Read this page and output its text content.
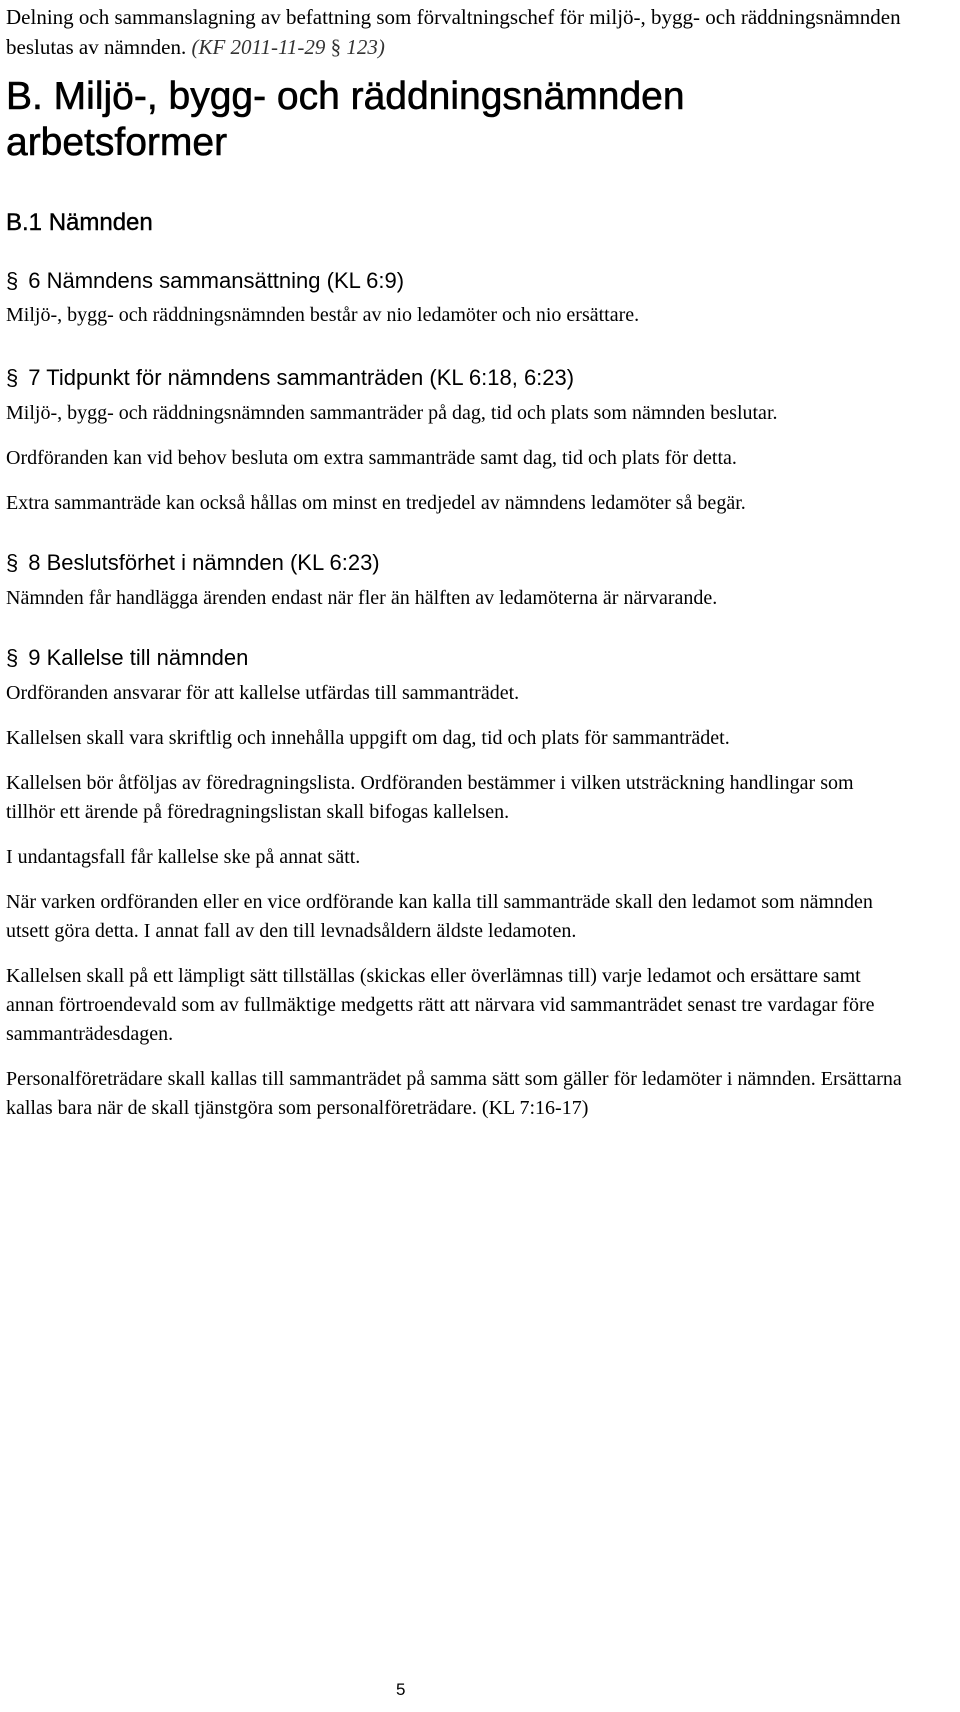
Delning och sammanslagning av befattning som förvaltningschef för miljö-, bygg- och räddningsnämnden beslutas av nämnden. (KF 2011-11-29 § 123)
B. Miljö-, bygg- och räddningsnämnden arbetsformer
B.1 Nämnden
§ 6 Nämndens sammansättning (KL 6:9)

Miljö-, bygg- och räddningsnämnden består av nio ledamöter och nio ersättare.

§ 7 Tidpunkt för nämndens sammanträden (KL 6:18, 6:23)

Miljö-, bygg- och räddningsnämnden sammanträder på dag, tid och plats som nämnden beslutar.

Ordföranden kan vid behov besluta om extra sammanträde samt dag, tid och plats för detta.

Extra sammanträde kan också hållas om minst en tredjedel av nämndens ledamöter så begär.

§ 8 Beslutsförhet i nämnden (KL 6:23)

Nämnden får handlägga ärenden endast när fler än hälften av ledamöterna är närvarande.

§ 9 Kallelse till nämnden

Ordföranden ansvarar för att kallelse utfärdas till sammanträdet.

Kallelsen skall vara skriftlig och innehålla uppgift om dag, tid och plats för sammanträdet.

Kallelsen bör åtföljas av föredragningslista. Ordföranden bestämmer i vilken utsträckning handlingar som tillhör ett ärende på föredragningslistan skall bifogas kallelsen.

I undantagsfall får kallelse ske på annat sätt.

När varken ordföranden eller en vice ordförande kan kalla till sammanträde skall den ledamot som nämnden utsett göra detta. I annat fall av den till levnadsåldern äldste ledamoten.

Kallelsen skall på ett lämpligt sätt tillställas (skickas eller överlämnas till) varje ledamot och ersättare samt annan förtroendevald som av fullmäktige medgetts rätt att närvara vid sammanträdet senast tre vardagar före sammanträdesdagen.

Personalföreträdare skall kallas till sammanträdet på samma sätt som gäller för ledamöter i nämnden. Ersättarna kallas bara när de skall tjänstgöra som personalföreträdare. (KL 7:16-17)

5
